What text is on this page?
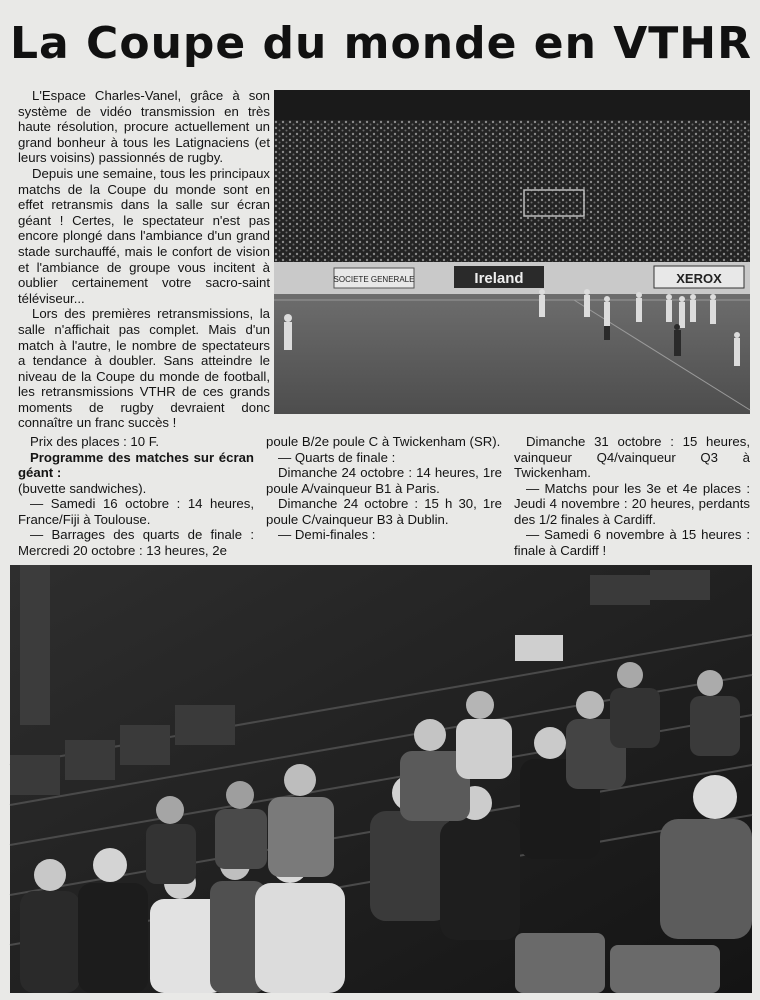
La Coupe du monde en VTHR

L'Espace Charles-Vanel, grâce à son système de vidéo transmission en très haute résolution, procure actuellement un grand bonheur à tous les Latignaciens (et leurs voisins) passionnés de rugby.

Depuis une semaine, tous les principaux matchs de la Coupe du monde sont en effet retransmis dans la salle sur écran géant ! Certes, le spectateur n'est pas encore plongé dans l'ambiance d'un grand stade surchauffé, mais le confort de vision et l'ambiance de groupe vous incitent à oublier certainement votre sacro-saint téléviseur...

Lors des premières retransmissions, la salle n'affichait pas complet. Mais d'un match à l'autre, le nombre de spectateurs a tendance à doubler. Sans atteindre le niveau de la Coupe du monde de football, les retransmissions VTHR de ces grands moments de rugby devraient donc connaître un franc succès !

SOCIETE GENERALE	Ireland	XEROX

Prix des places : 10 F.

Programme des matches sur écran géant :

(buvette sandwiches).

— Samedi 16 octobre : 14 heures, France/Fiji à Toulouse.

— Barrages des quarts de finale : Mercredi 20 octobre : 13 heures, 2e

poule B/2e poule C à Twickenham (SR).

— Quarts de finale :

Dimanche 24 octobre : 14 heures, 1re poule A/vainqueur B1 à Paris.

Dimanche 24 octobre : 15 h 30, 1re poule C/vainqueur B3 à Dublin.

— Demi-finales :

Dimanche 31 octobre : 15 heures, vainqueur Q4/vainqueur Q3 à Twickenham.

— Matchs pour les 3e et 4e places : Jeudi 4 novembre : 20 heures, perdants des 1/2 finales à Cardiff.

— Samedi 6 novembre à 15 heures : finale à Cardiff !
